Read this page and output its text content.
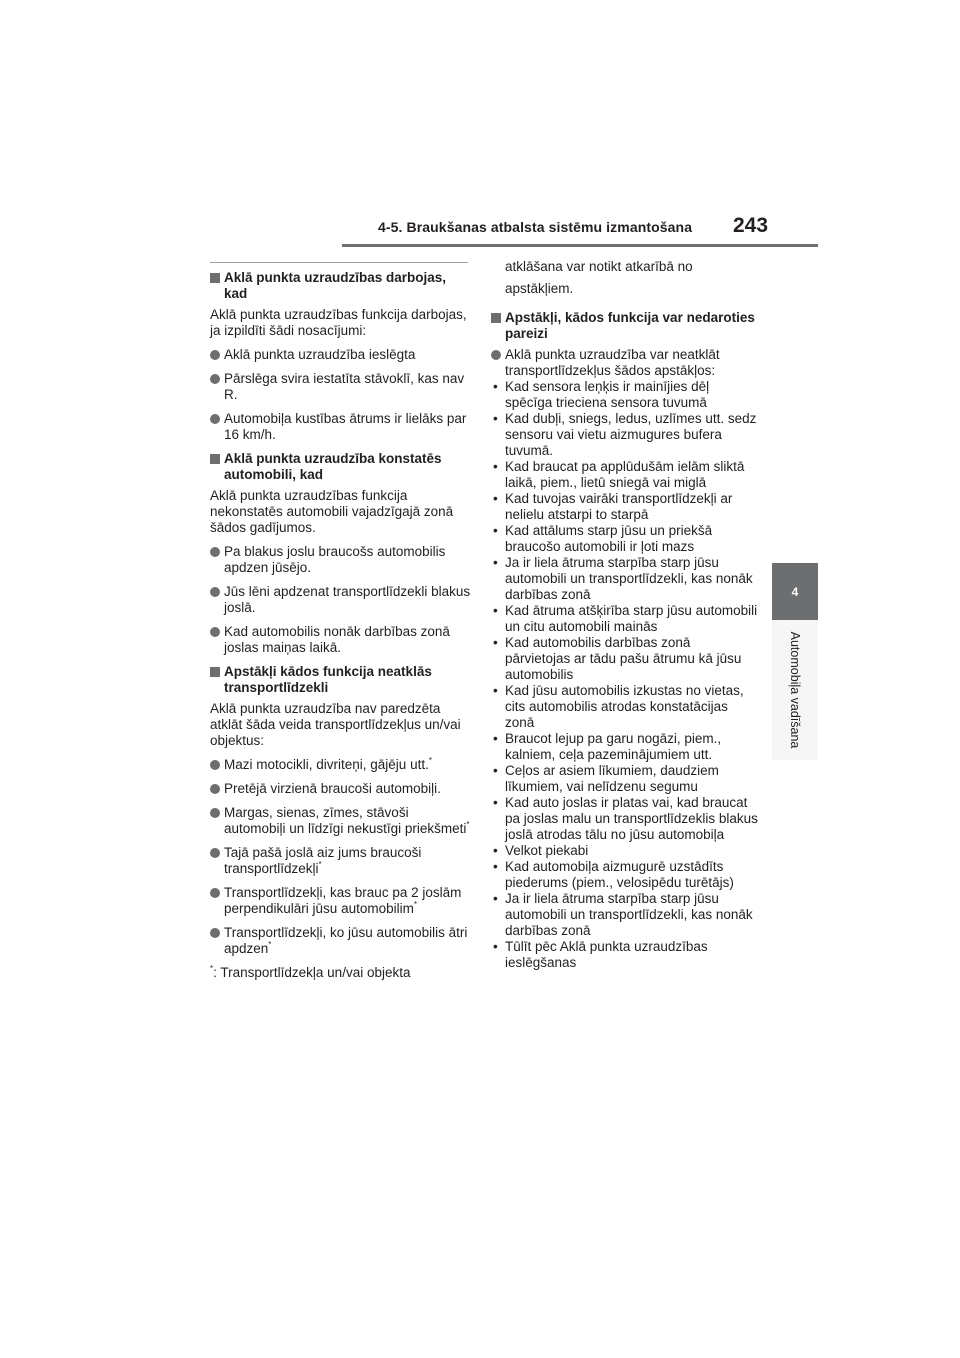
4-5. Braukšanas atbalsta sistēmu izmantošana 243
4
Automobiļa vadīšana
Aklā punkta uzraudzības darbojas, kad
Aklā punkta uzraudzības funkcija darbojas, ja izpildīti šādi nosacījumi:
Aklā punkta uzraudzība ieslēgta
Pārslēga svira iestatīta stāvoklī, kas nav R.
Automobiļa kustības ātrums ir lielāks par 16 km/h.
Aklā punkta uzraudzība konstatēs automobili, kad
Aklā punkta uzraudzības funkcija nekonstatēs automobili vajadzīgajā zonā šādos gadījumos.
Pa blakus joslu braucošs automobilis apdzen jūsējo.
Jūs lēni apdzenat transportlīdzekli blakus joslā.
Kad automobilis nonāk darbības zonā joslas maiņas laikā.
Apstākļi kādos funkcija neatklās transportlīdzekli
Aklā punkta uzraudzība nav paredzēta atklāt šāda veida transportlīdzekļus un/vai objektus:
Mazi motocikli, divriteņi, gājēju utt.*
Pretējā virzienā braucoši automobiļi.
Margas, sienas, zīmes, stāvoši automobiļi un līdzīgi nekustīgi priekšmeti*
Tajā pašā joslā aiz jums braucoši transportlīdzekļi*
Transportlīdzekļi, kas brauc pa 2 joslām perpendikulāri jūsu automobilim*
Transportlīdzekļi, ko jūsu automobilis ātri apdzen*
*: Transportlīdzekļa un/vai objekta
atklāšana var notikt atkarībā no apstākļiem.
Apstākļi, kādos funkcija var nedaroties pareizi
Aklā punkta uzraudzība var neatklāt transportlīdzekļus šādos apstākļos:
• Kad sensora leņķis ir mainījies dēļ spēcīga trieciena sensora tuvumā
• Kad dubļi, sniegs, ledus, uzlīmes utt. sedz sensoru vai vietu aizmugures bufera tuvumā.
• Kad braucat pa applūdušām ielām sliktā laikā, piem., lietū sniegā vai miglā
• Kad tuvojas vairāki transportlīdzekļi ar nelielu atstarpi to starpā
• Kad attālums starp jūsu un priekšā braucošo automobili ir ļoti mazs
• Ja ir liela ātruma starpība starp jūsu automobili un transportlīdzekli, kas nonāk darbības zonā
• Kad ātruma atšķirība starp jūsu automobili un citu automobili mainās
• Kad automobilis darbības zonā pārvietojas ar tādu pašu ātrumu kā jūsu automobilis
• Kad jūsu automobilis izkustas no vietas, cits automobilis atrodas konstatācijas zonā
• Braucot lejup pa garu nogāzi, piem., kalniem, ceļa pazeminājumiem utt.
• Ceļos ar asiem līkumiem, daudziem līkumiem, vai nelīdzenu segumu
• Kad auto joslas ir platas vai, kad braucat pa joslas malu un transportlīdzeklis blakus joslā atrodas tālu no jūsu automobiļa
• Velkot piekabi
• Kad automobiļa aizmugurē uzstādīts piederums (piem., velosipēdu turētājs)
• Ja ir liela ātruma starpība starp jūsu automobili un transportlīdzekli, kas nonāk darbības zonā
• Tūlīt pēc Aklā punkta uzraudzības ieslēgšanas
